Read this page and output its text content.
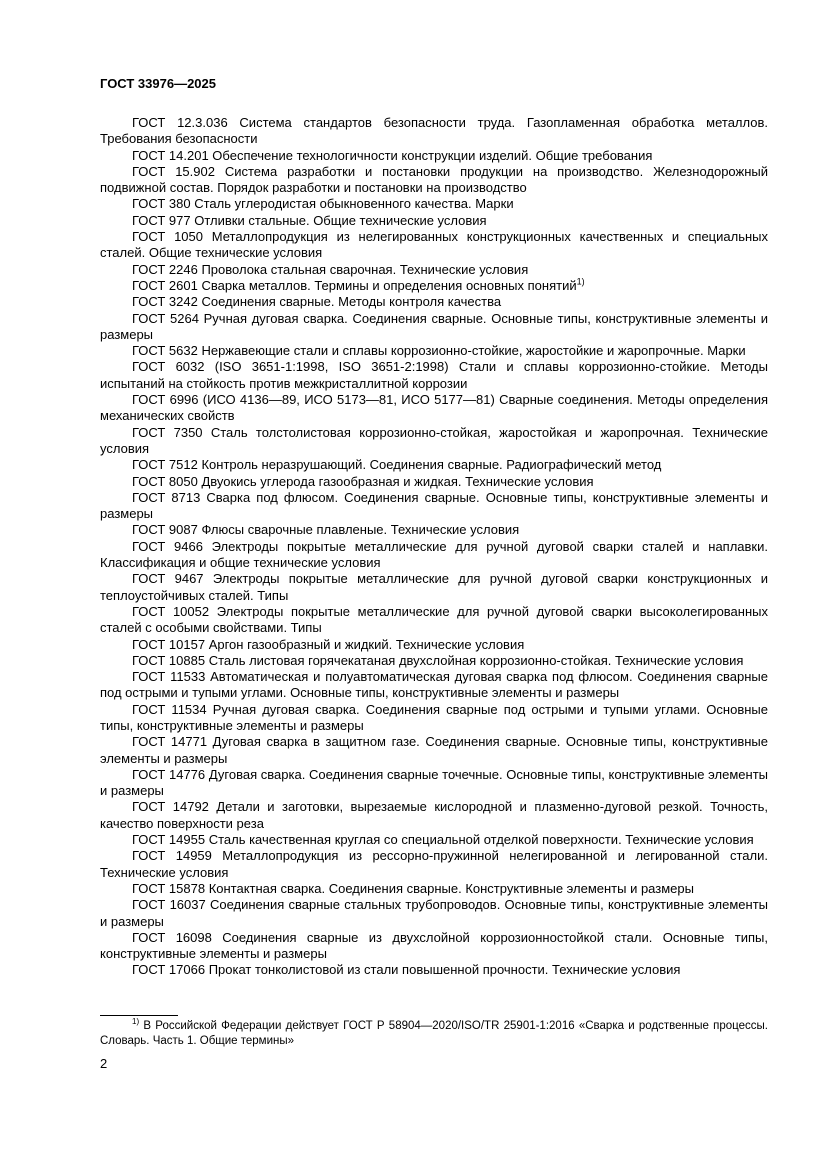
ГОСТ 33976—2025

ГОСТ 12.3.036 Система стандартов безопасности труда. Газопламенная обработка металлов. Требования безопасности

ГОСТ 14.201 Обеспечение технологичности конструкции изделий. Общие требования

ГОСТ 15.902 Система разработки и постановки продукции на производство. Железнодорожный подвижной состав. Порядок разработки и постановки на производство

ГОСТ 380 Сталь углеродистая обыкновенного качества. Марки

ГОСТ 977 Отливки стальные. Общие технические условия

ГОСТ 1050 Металлопродукция из нелегированных конструкционных качественных и специальных сталей. Общие технические условия

ГОСТ 2246 Проволока стальная сварочная. Технические условия

ГОСТ 2601 Сварка металлов. Термины и определения основных понятий$^{1)}$

ГОСТ 3242 Соединения сварные. Методы контроля качества

ГОСТ 5264 Ручная дуговая сварка. Соединения сварные. Основные типы, конструктивные элементы и размеры

ГОСТ 5632 Нержавеющие стали и сплавы коррозионно-стойкие, жаростойкие и жаропрочные. Марки

ГОСТ 6032 (ISO 3651-1:1998, ISO 3651-2:1998) Стали и сплавы коррозионно-стойкие. Методы испытаний на стойкость против межкристаллитной коррозии

ГОСТ 6996 (ИСО 4136—89, ИСО 5173—81, ИСО 5177—81) Сварные соединения. Методы определения механических свойств

ГОСТ 7350 Сталь толстолистовая коррозионно-стойкая, жаростойкая и жаропрочная. Технические условия

ГОСТ 7512 Контроль неразрушающий. Соединения сварные. Радиографический метод

ГОСТ 8050 Двуокись углерода газообразная и жидкая. Технические условия

ГОСТ 8713 Сварка под флюсом. Соединения сварные. Основные типы, конструктивные элементы и размеры

ГОСТ 9087 Флюсы сварочные плавленые. Технические условия

ГОСТ 9466 Электроды покрытые металлические для ручной дуговой сварки сталей и наплавки. Классификация и общие технические условия

ГОСТ 9467 Электроды покрытые металлические для ручной дуговой сварки конструкционных и теплоустойчивых сталей. Типы

ГОСТ 10052 Электроды покрытые металлические для ручной дуговой сварки высоколегированных сталей с особыми свойствами. Типы

ГОСТ 10157 Аргон газообразный и жидкий. Технические условия

ГОСТ 10885 Сталь листовая горячекатаная двухслойная коррозионно-стойкая. Технические условия

ГОСТ 11533 Автоматическая и полуавтоматическая дуговая сварка под флюсом. Соединения сварные под острыми и тупыми углами. Основные типы, конструктивные элементы и размеры

ГОСТ 11534 Ручная дуговая сварка. Соединения сварные под острыми и тупыми углами. Основные типы, конструктивные элементы и размеры

ГОСТ 14771 Дуговая сварка в защитном газе. Соединения сварные. Основные типы, конструктивные элементы и размеры

ГОСТ 14776 Дуговая сварка. Соединения сварные точечные. Основные типы, конструктивные элементы и размеры

ГОСТ 14792 Детали и заготовки, вырезаемые кислородной и плазменно-дуговой резкой. Точность, качество поверхности реза

ГОСТ 14955 Сталь качественная круглая со специальной отделкой поверхности. Технические условия

ГОСТ 14959 Металлопродукция из рессорно-пружинной нелегированной и легированной стали. Технические условия

ГОСТ 15878 Контактная сварка. Соединения сварные. Конструктивные элементы и размеры

ГОСТ 16037 Соединения сварные стальных трубопроводов. Основные типы, конструктивные элементы и размеры

ГОСТ 16098 Соединения сварные из двухслойной коррозионностойкой стали. Основные типы, конструктивные элементы и размеры

ГОСТ 17066 Прокат тонколистовой из стали повышенной прочности. Технические условия

$^{1)}$ В Российской Федерации действует ГОСТ Р 58904—2020/ISO/TR 25901-1:2016 «Сварка и родственные процессы. Словарь. Часть 1. Общие термины»
2
